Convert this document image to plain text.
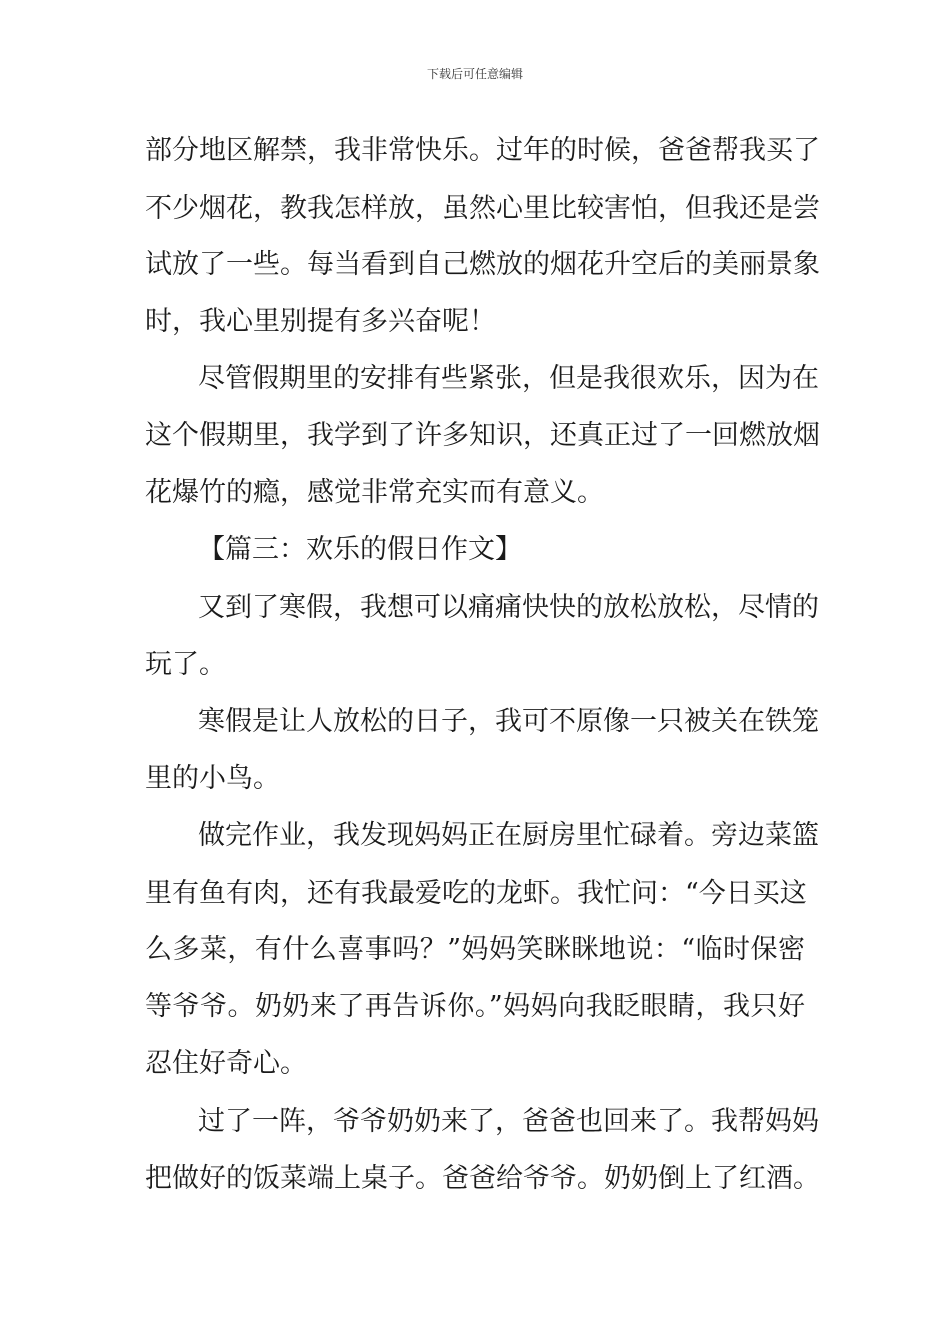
下载后可任意编辑
部分地区解禁，我非常快乐。过年的时候，爸爸帮我买了
不少烟花，教我怎样放，虽然心里比较害怕，但我还是尝
试放了一些。每当看到自己燃放的烟花升空后的美丽景象
时，我心里别提有多兴奋呢！
尽管假期里的安排有些紧张，但是我很欢乐，因为在
这个假期里，我学到了许多知识，还真正过了一回燃放烟
花爆竹的瘾，感觉非常充实而有意义。
【篇三：欢乐的假日作文】
又到了寒假，我想可以痛痛快快的放松放松，尽情的
玩了。
寒假是让人放松的日子，我可不原像一只被关在铁笼
里的小鸟。
做完作业，我发现妈妈正在厨房里忙碌着。旁边菜篮
里有鱼有肉，还有我最爱吃的龙虾。我忙问：“今日买这
么多菜，有什么喜事吗？”妈妈笑眯眯地说：“临时保密
等爷爷。奶奶来了再告诉你。”妈妈向我眨眼睛，我只好
忍住好奇心。
过了一阵，爷爷奶奶来了，爸爸也回来了。我帮妈妈
把做好的饭菜端上桌子。爸爸给爷爷。奶奶倒上了红酒。
